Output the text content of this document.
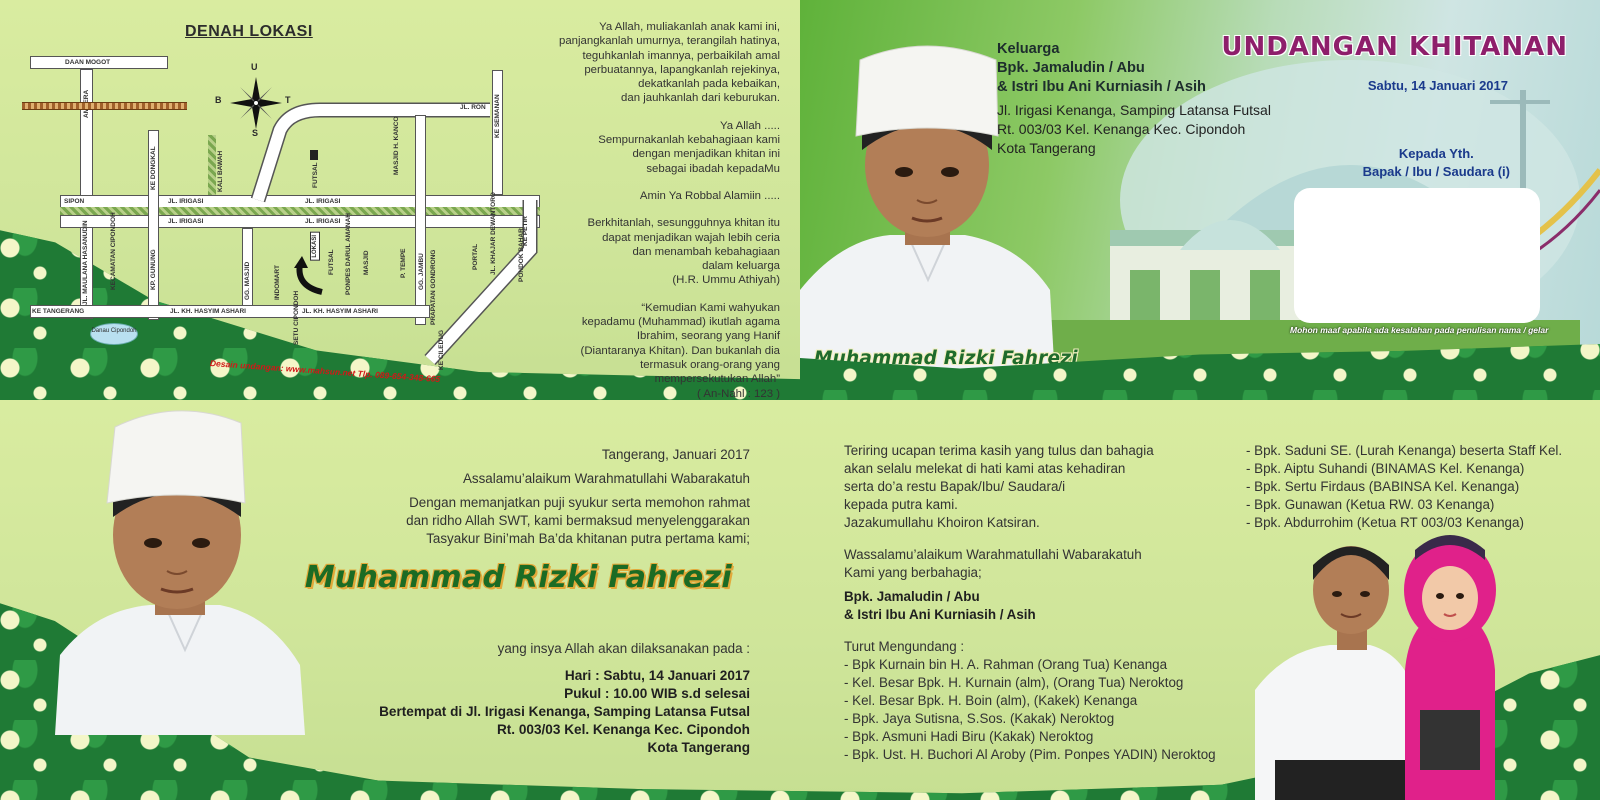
DENAH LOKASI
U
S
B	T
DAAN MOGOT
SIPON	JL. IRIGASI
JL. IRIGASI
JL. IRIGASI
JL. IRIGASI
KE DONGKAL	KALI BAWAH
JL. RON KE SEMANAN
FUTSAL
MASJID H. KANCO
JL. MAULANA HASANUDIN	KECAMATAN CIPONDOH	KP. GUNUNG	GG. MASJID	INDOMART
LOKASI
FUTSAL PONPES DARUL AMANAH MASJID	P. TEMPE GG. JAMBU PRAPATAN GONDRONG	PORTAL JL. KHAJAR DEWANTORO	KE PETIR
PONDOK BAHAR
KE TANGERANG	JL. KH. HASYIM ASHARI	JL. KH. HASYIM ASHARI
KE CILEDUG
SETU CIPONDOH
Danau Cipondoh
Desain undangan: www.mahsun.net Tlp. 089-654-348-665

Ya Allah, muliakanlah anak kami ini,
panjangkanlah umurnya, terangilah hatinya,
teguhkanlah imannya, perbaikilah amal
perbuatannya, lapangkanlah rejekinya,
dekatkanlah pada kebaikan,
dan jauhkanlah dari keburukan.

Ya Allah .....
Sempurnakanlah kebahagiaan kami
dengan menjadikan khitan ini
sebagai ibadah kepadaMu

Amin Ya Robbal Alamiin .....

Berkhitanlah, sesungguhnya khitan itu
dapat menjadikan wajah lebih ceria
dan menambah kebahagiaan
dalam keluarga
(H.R. Ummu Athiyah)

“Kemudian Kami wahyukan
kepadamu (Muhammad) ikutlah agama
Ibrahim, seorang yang Hanif
(Diantaranya Khitan). Dan bukanlah dia
termasuk orang-orang yang
mempersekutukan Allah”
( An-Nahl : 123 )

Muhammad Rizki Fahrezi
Keluarga
Bpk. Jamaludin / Abu
& Istri Ibu Ani Kurniasih / Asih
Jl. Irigasi Kenanga, Samping Latansa Futsal
Rt. 003/03 Kel. Kenanga Kec. Cipondoh
Kota Tangerang
UNDANGAN KHITANAN
Sabtu, 14 Januari 2017
Kepada Yth.
Bapak / Ibu / Saudara (i)
Mohon maaf apabila ada kesalahan pada penulisan nama / gelar
Tangerang, Januari 2017
Assalamu’alaikum Warahmatullahi Wabarakatuh
Dengan memanjatkan puji syukur serta memohon rahmat
dan ridho Allah SWT, kami bermaksud menyelenggarakan
Tasyakur Bini’mah Ba’da khitanan putra pertama kami;
Muhammad Rizki Fahrezi
yang insya Allah akan dilaksanakan pada :
Hari : Sabtu, 14 Januari 2017
Pukul : 10.00 WIB s.d selesai
Bertempat di Jl. Irigasi Kenanga, Samping Latansa Futsal
Rt. 003/03 Kel. Kenanga Kec. Cipondoh
Kota Tangerang
Teriring ucapan terima kasih yang tulus dan bahagia
akan selalu melekat di hati kami atas kehadiran
serta do’a restu Bapak/Ibu/ Saudara/i
kepada putra kami.
Jazakumullahu Khoiron Katsiran.
Wassalamu’alaikum Warahmatullahi Wabarakatuh
Kami yang berbahagia;
Bpk. Jamaludin / Abu
& Istri Ibu Ani Kurniasih / Asih
Turut Mengundang :
- Bpk Kurnain bin H. A. Rahman (Orang Tua) Kenanga
- Kel. Besar Bpk. H. Kurnain (alm), (Orang Tua) Neroktog
- Kel. Besar Bpk. H. Boin (alm), (Kakek) Kenanga
- Bpk. Jaya Sutisna, S.Sos. (Kakak) Neroktog
- Bpk. Asmuni Hadi Biru (Kakak) Neroktog
- Bpk. Ust. H. Buchori Al Aroby (Pim. Ponpes YADIN) Neroktog
- Bpk. Saduni SE. (Lurah Kenanga) beserta Staff Kel.
- Bpk. Aiptu Suhandi (BINAMAS Kel. Kenanga)
- Bpk. Sertu Firdaus (BABINSA Kel. Kenanga)
- Bpk. Gunawan (Ketua RW. 03 Kenanga)
- Bpk. Abdurrohim (Ketua RT 003/03 Kenanga)
